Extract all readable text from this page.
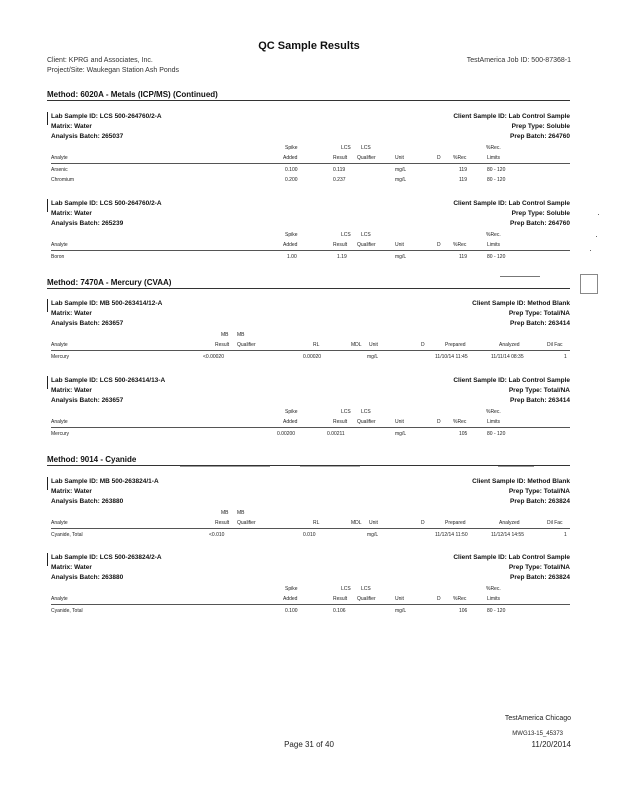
QC Sample Results
Client: KPRG and Associates, Inc.
Project/Site: Waukegan Station Ash Ponds
TestAmerica Job ID: 500-87368-1
Method: 6020A - Metals (ICP/MS) (Continued)
Lab Sample ID: LCS 500-264760/2-A	Client Sample ID: Lab Control Sample
Matrix: Water	Prep Type: Soluble
Analysis Batch: 265037	Prep Batch: 264760
Spike	LCS LCS	%Rec.
Analyte	Added	Result Qualifier	Unit	D %Rec	Limits
Arsenic	0.100	0.119	mg/L	119	80 - 120
Chromium	0.200	0.237	mg/L	119	80 - 120
Lab Sample ID: LCS 500-264760/2-A	Client Sample ID: Lab Control Sample
Matrix: Water	Prep Type: Soluble
Analysis Batch: 265239	Prep Batch: 264760
Spike	LCS LCS	%Rec.
Analyte	Added	Result Qualifier	Unit	D %Rec	Limits
Boron	1.00	1.19	mg/L	119	80 - 120
Method: 7470A - Mercury (CVAA)
Lab Sample ID: MB 500-263414/12-A	Client Sample ID: Method Blank
Matrix: Water	Prep Type: Total/NA
Analysis Batch: 263657	Prep Batch: 263414
MB MB
Analyte	Result Qualifier	RL	MDL Unit	D	Prepared	Analyzed	Dil Fac
Mercury	<0.00020	0.00020	mg/L	11/10/14 11:45	11/11/14 08:35	1
Lab Sample ID: LCS 500-263414/13-A	Client Sample ID: Lab Control Sample
Matrix: Water	Prep Type: Total/NA
Analysis Batch: 263657	Prep Batch: 263414
Spike	LCS LCS	%Rec.
Analyte	Added	Result Qualifier	Unit	D %Rec	Limits
Mercury	0.00200	0.00211	mg/L	105	80 - 120
Method: 9014 - Cyanide
Lab Sample ID: MB 500-263824/1-A	Client Sample ID: Method Blank
Matrix: Water	Prep Type: Total/NA
Analysis Batch: 263880	Prep Batch: 263824
MB MB
Analyte	Result Qualifier	RL	MDL Unit	D	Prepared	Analyzed	Dil Fac
Cyanide, Total	<0.010	0.010	mg/L	11/12/14 11:50	11/12/14 14:55	1
Lab Sample ID: LCS 500-263824/2-A	Client Sample ID: Lab Control Sample
Matrix: Water	Prep Type: Total/NA
Analysis Batch: 263880	Prep Batch: 263824
Spike	LCS LCS	%Rec.
Analyte	Added	Result Qualifier	Unit	D %Rec	Limits
Cyanide, Total	0.100	0.106	mg/L	106	80 - 120
TestAmerica Chicago
Page 31 of 40
MWG13-15_45373
11/20/2014
